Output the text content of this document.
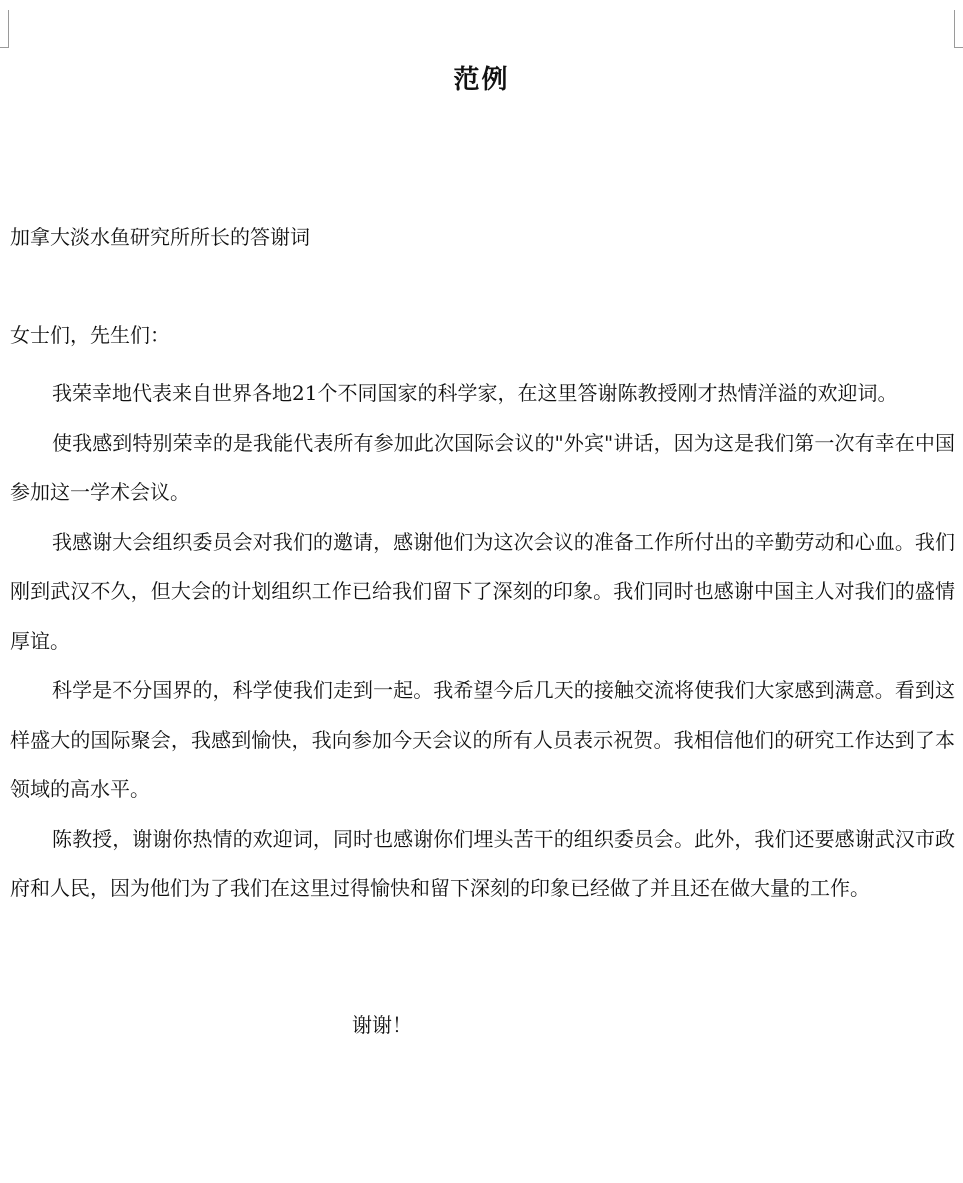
范例

加拿大淡水鱼研究所所长的答谢词

女士们，先生们：

我荣幸地代表来自世界各地21个不同国家的科学家，在这里答谢陈教授刚才热情洋溢的欢迎词。

使我感到特别荣幸的是我能代表所有参加此次国际会议的"外宾"讲话，因为这是我们第一次有幸在中国参加这一学术会议。

我感谢大会组织委员会对我们的邀请，感谢他们为这次会议的准备工作所付出的辛勤劳动和心血。我们刚到武汉不久，但大会的计划组织工作已给我们留下了深刻的印象。我们同时也感谢中国主人对我们的盛情厚谊。

科学是不分国界的，科学使我们走到一起。我希望今后几天的接触交流将使我们大家感到满意。看到这样盛大的国际聚会，我感到愉快，我向参加今天会议的所有人员表示祝贺。我相信他们的研究工作达到了本领域的高水平。

陈教授，谢谢你热情的欢迎词，同时也感谢你们埋头苦干的组织委员会。此外，我们还要感谢武汉市政府和人民，因为他们为了我们在这里过得愉快和留下深刻的印象已经做了并且还在做大量的工作。

谢谢！
